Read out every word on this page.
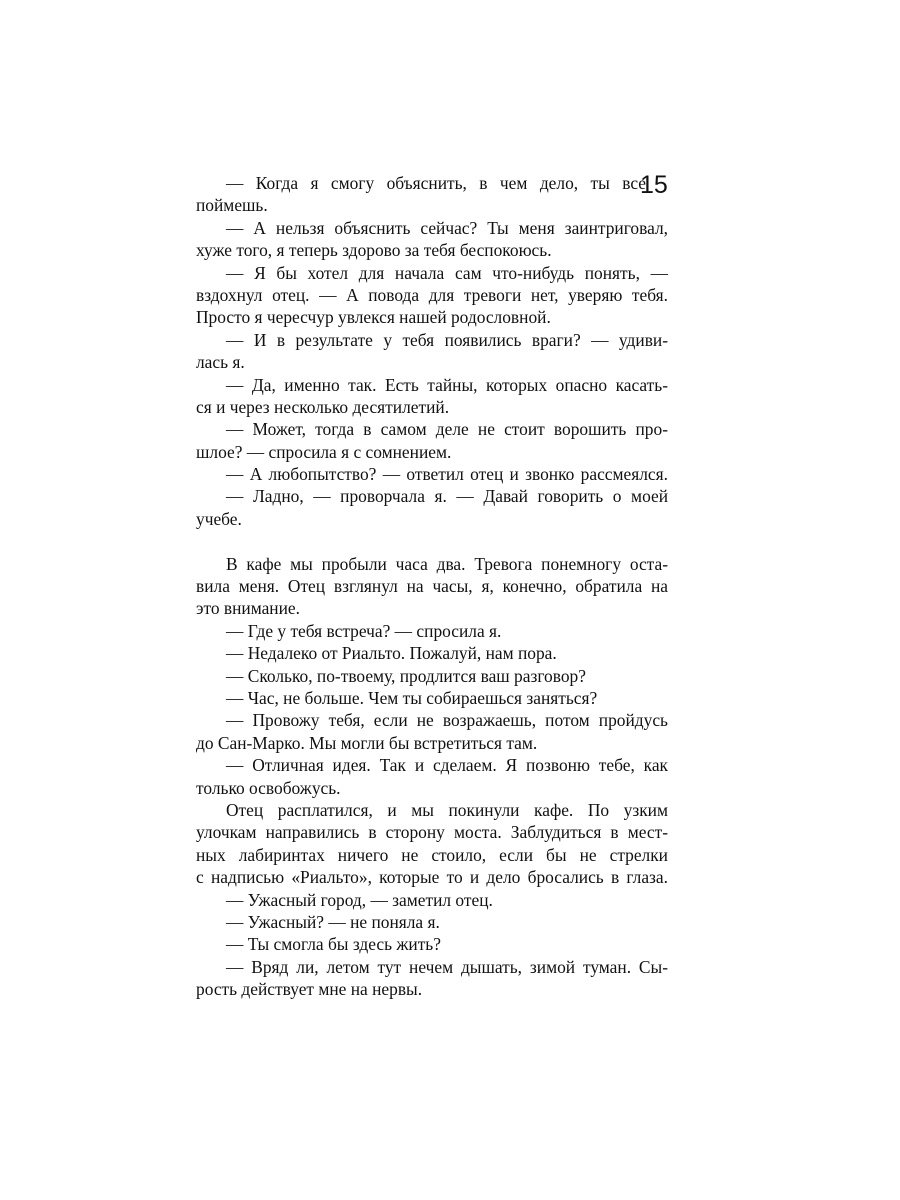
15
— Когда я смогу объяснить, в чем дело, ты все
поймешь.
— А нельзя объяснить сейчас? Ты меня заинтриговал,
хуже того, я теперь здорово за тебя беспокоюсь.
— Я бы хотел для начала сам что-нибудь понять, —
вздохнул отец. — А повода для тревоги нет, уверяю тебя.
Просто я чересчур увлекся нашей родословной.
— И в результате у тебя появились враги? — удиви-
лась я.
— Да, именно так. Есть тайны, которых опасно касать-
ся и через несколько десятилетий.
— Может, тогда в самом деле не стоит ворошить про-
шлое? — спросила я с сомнением.
— А любопытство? — ответил отец и звонко рассмеялся.
— Ладно, — проворчала я. — Давай говорить о моей
учебе.
В кафе мы пробыли часа два. Тревога понемногу оста-
вила меня. Отец взглянул на часы, я, конечно, обратила на
это внимание.
— Где у тебя встреча? — спросила я.
— Недалеко от Риальто. Пожалуй, нам пора.
— Сколько, по-твоему, продлится ваш разговор?
— Час, не больше. Чем ты собираешься заняться?
— Провожу тебя, если не возражаешь, потом пройдусь
до Сан-Марко. Мы могли бы встретиться там.
— Отличная идея. Так и сделаем. Я позвоню тебе, как
только освобожусь.
Отец расплатился, и мы покинули кафе. По узким
улочкам направились в сторону моста. Заблудиться в мест-
ных лабиринтах ничего не стоило, если бы не стрелки
с надписью «Риальто», которые то и дело бросались в глаза.
— Ужасный город, — заметил отец.
— Ужасный? — не поняла я.
— Ты смогла бы здесь жить?
— Вряд ли, летом тут нечем дышать, зимой туман. Сы-
рость действует мне на нервы.
